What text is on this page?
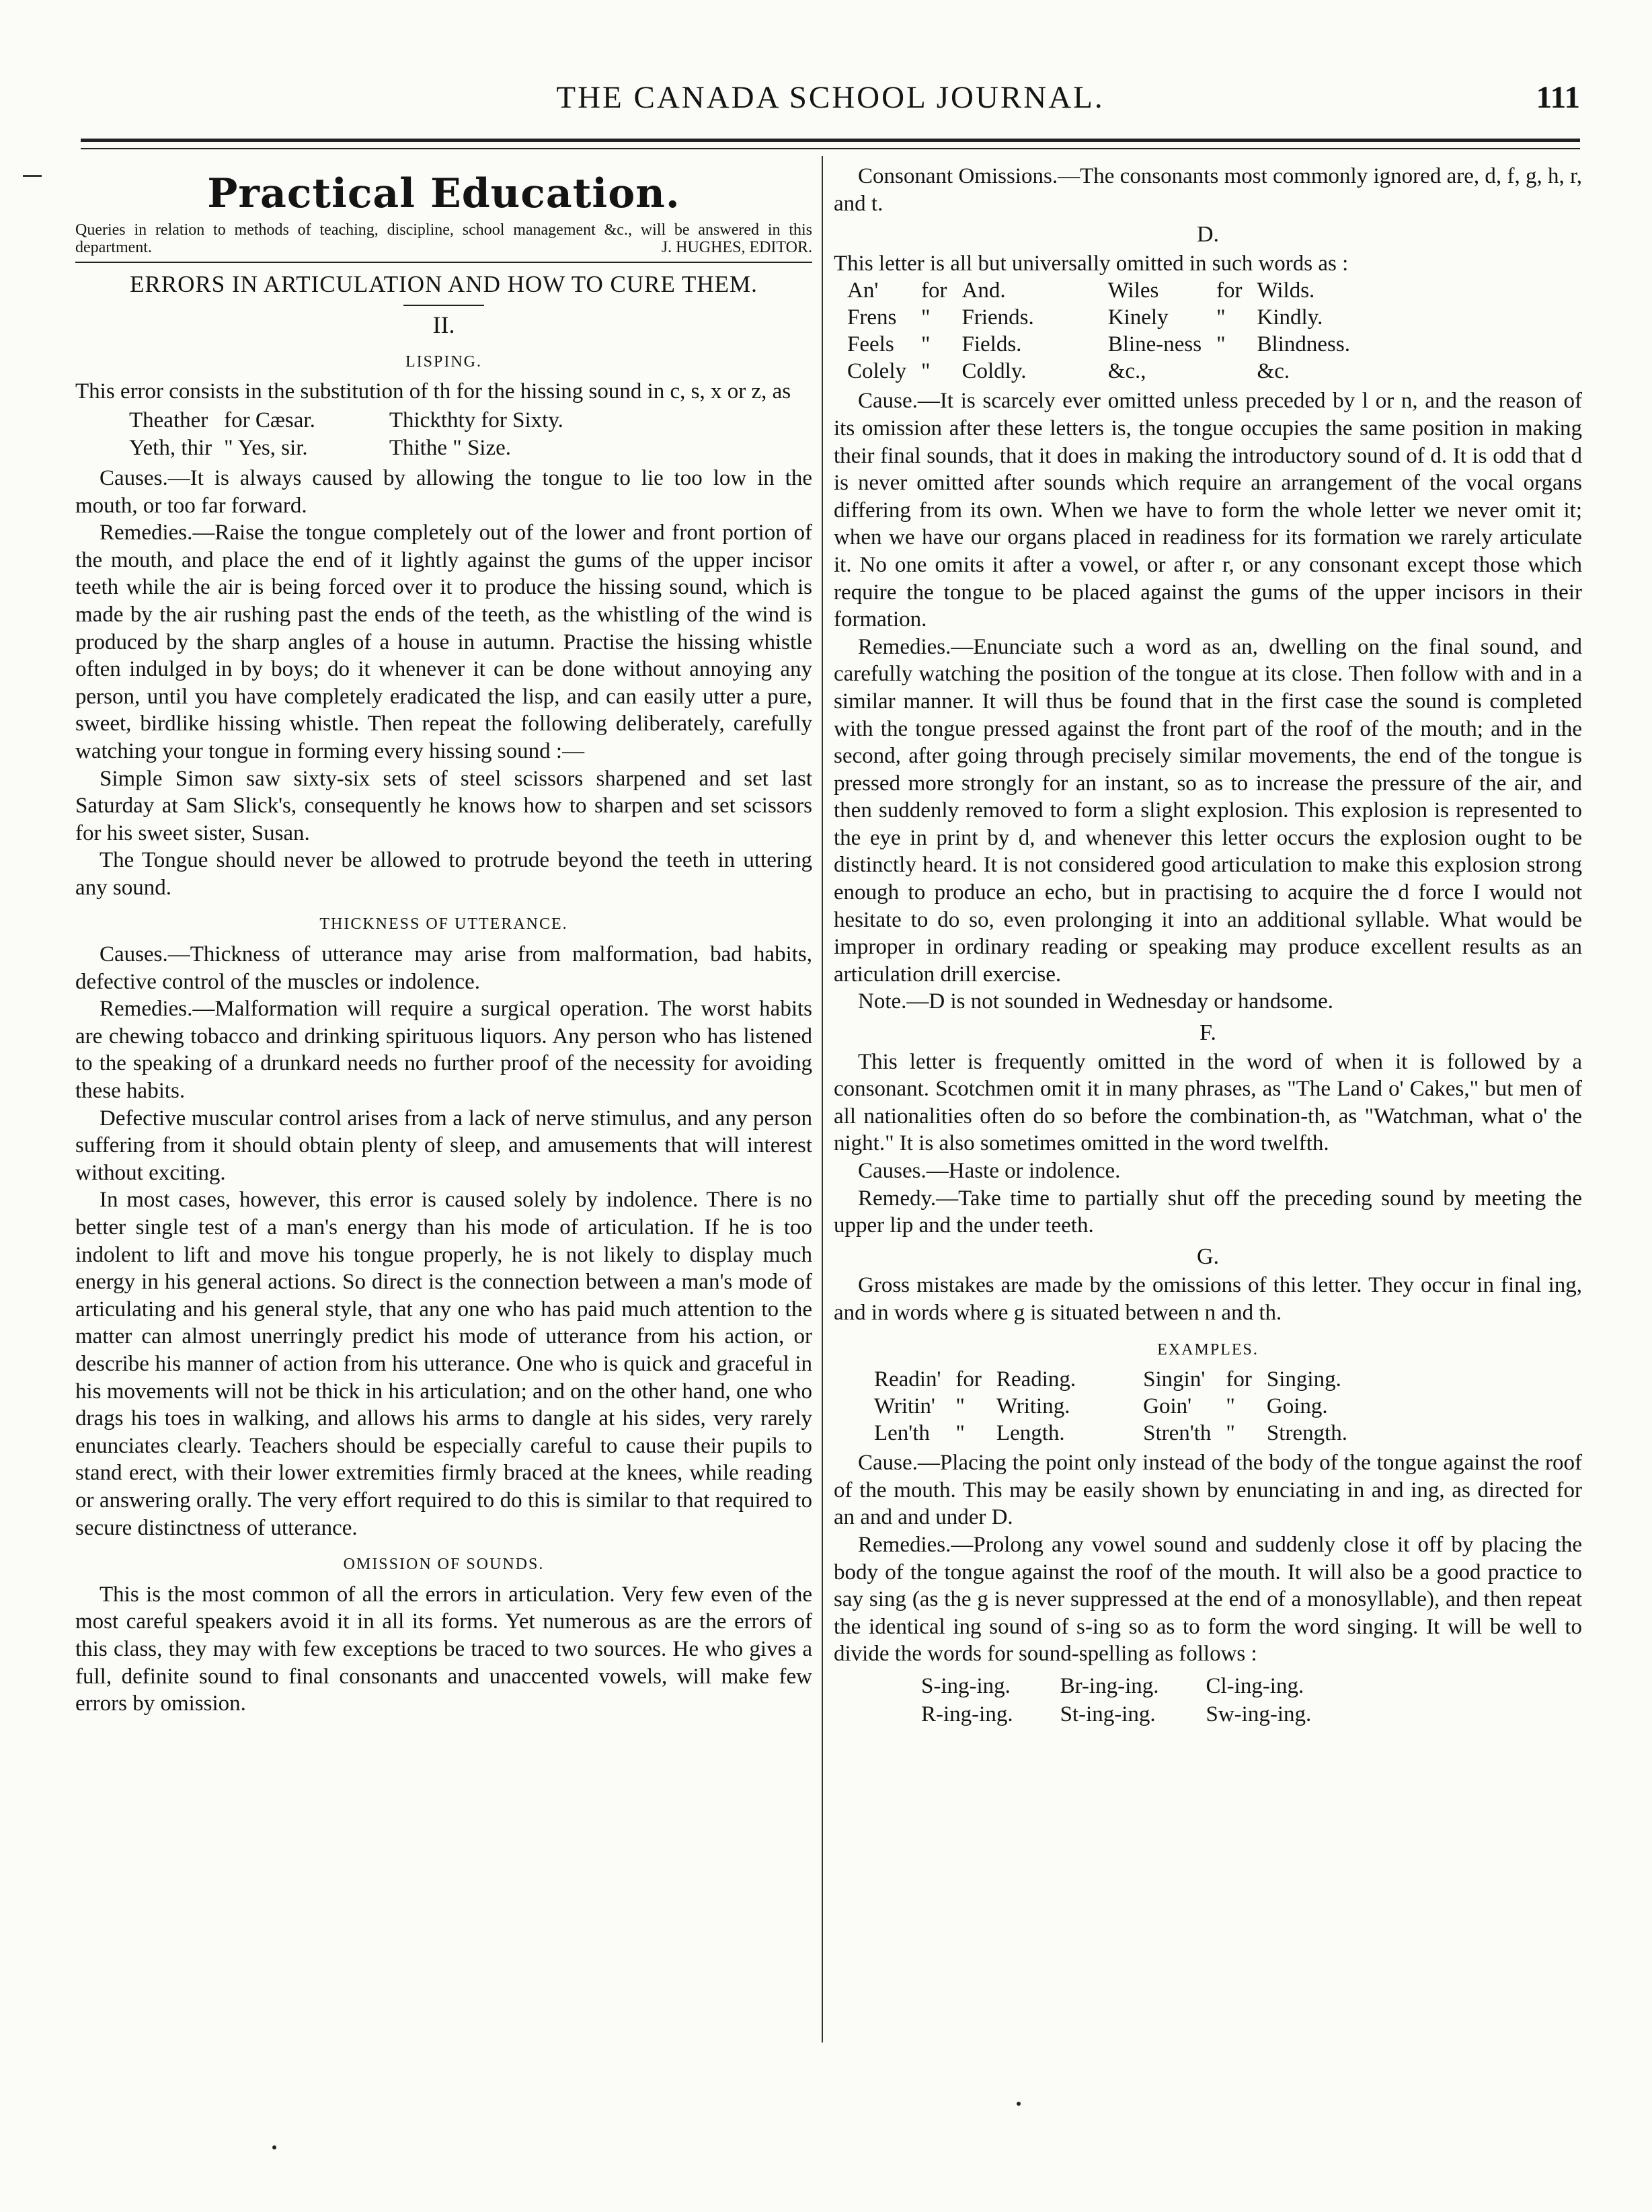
THE CANADA SCHOOL JOURNAL.	111
Practical Education.
Queries in relation to methods of teaching, discipline, school management &c., will be answered in this department.	J. HUGHES, EDITOR.
ERRORS IN ARTICULATION AND HOW TO CURE THEM.
II.
LISPING.

This error consists in the substitution of th for the hissing sound in c, s, x or z, as

Theather	for Cæsar.	Thickthty for Sixty.
Yeth, thir	" Yes, sir.	Thithe " Size.

Causes.—It is always caused by allowing the tongue to lie too low in the mouth, or too far forward.

Remedies.—Raise the tongue completely out of the lower and front portion of the mouth, and place the end of it lightly against the gums of the upper incisor teeth while the air is being forced over it to produce the hissing sound, which is made by the air rushing past the ends of the teeth, as the whistling of the wind is produced by the sharp angles of a house in autumn. Practise the hissing whistle often indulged in by boys; do it whenever it can be done without annoying any person, until you have completely eradicated the lisp, and can easily utter a pure, sweet, birdlike hissing whistle. Then repeat the following deliberately, carefully watching your tongue in forming every hissing sound :—

Simple Simon saw sixty-six sets of steel scissors sharpened and set last Saturday at Sam Slick's, consequently he knows how to sharpen and set scissors for his sweet sister, Susan.

The Tongue should never be allowed to protrude beyond the teeth in uttering any sound.

THICKNESS OF UTTERANCE.

Causes.—Thickness of utterance may arise from malformation, bad habits, defective control of the muscles or indolence.

Remedies.—Malformation will require a surgical operation. The worst habits are chewing tobacco and drinking spirituous liquors. Any person who has listened to the speaking of a drunkard needs no further proof of the necessity for avoiding these habits.

Defective muscular control arises from a lack of nerve stimulus, and any person suffering from it should obtain plenty of sleep, and amusements that will interest without exciting.

In most cases, however, this error is caused solely by indolence. There is no better single test of a man's energy than his mode of articulation. If he is too indolent to lift and move his tongue properly, he is not likely to display much energy in his general actions. So direct is the connection between a man's mode of articulating and his general style, that any one who has paid much attention to the matter can almost unerringly predict his mode of utterance from his action, or describe his manner of action from his utterance. One who is quick and graceful in his movements will not be thick in his articulation; and on the other hand, one who drags his toes in walking, and allows his arms to dangle at his sides, very rarely enunciates clearly. Teachers should be especially careful to cause their pupils to stand erect, with their lower extremities firmly braced at the knees, while reading or answering orally. The very effort required to do this is similar to that required to secure distinctness of utterance.

OMISSION OF SOUNDS.

This is the most common of all the errors in articulation. Very few even of the most careful speakers avoid it in all its forms. Yet numerous as are the errors of this class, they may with few exceptions be traced to two sources. He who gives a full, definite sound to final consonants and unaccented vowels, will make few errors by omission.

Consonant Omissions.—The consonants most commonly ignored are, d, f, g, h, r, and t.

D.

This letter is all but universally omitted in such words as :

An'	for	And.	Wiles	for	Wilds.
Frens	"	Friends.	Kinely	"	Kindly.
Feels	"	Fields.	Bline-ness	"	Blindness.
Colely	"	Coldly.	&c.,		&c.

Cause.—It is scarcely ever omitted unless preceded by l or n, and the reason of its omission after these letters is, the tongue occupies the same position in making their final sounds, that it does in making the introductory sound of d. It is odd that d is never omitted after sounds which require an arrangement of the vocal organs differing from its own. When we have to form the whole letter we never omit it; when we have our organs placed in readiness for its formation we rarely articulate it. No one omits it after a vowel, or after r, or any consonant except those which require the tongue to be placed against the gums of the upper incisors in their formation.

Remedies.—Enunciate such a word as an, dwelling on the final sound, and carefully watching the position of the tongue at its close. Then follow with and in a similar manner. It will thus be found that in the first case the sound is completed with the tongue pressed against the front part of the roof of the mouth; and in the second, after going through precisely similar movements, the end of the tongue is pressed more strongly for an instant, so as to increase the pressure of the air, and then suddenly removed to form a slight explosion. This explosion is represented to the eye in print by d, and whenever this letter occurs the explosion ought to be distinctly heard. It is not considered good articulation to make this explosion strong enough to produce an echo, but in practising to acquire the d force I would not hesitate to do so, even prolonging it into an additional syllable. What would be improper in ordinary reading or speaking may produce excellent results as an articulation drill exercise.

Note.—D is not sounded in Wednesday or handsome.

F.

This letter is frequently omitted in the word of when it is followed by a consonant. Scotchmen omit it in many phrases, as "The Land o' Cakes," but men of all nationalities often do so before the combination-th, as "Watchman, what o' the night." It is also sometimes omitted in the word twelfth.

Causes.—Haste or indolence.

Remedy.—Take time to partially shut off the preceding sound by meeting the upper lip and the under teeth.

G.

Gross mistakes are made by the omissions of this letter. They occur in final ing, and in words where g is situated between n and th.

EXAMPLES.
Readin'	for	Reading.	Singin'	for	Singing.
Writin'	"	Writing.	Goin'	"	Going.
Len'th	"	Length.	Stren'th	"	Strength.

Cause.—Placing the point only instead of the body of the tongue against the roof of the mouth. This may be easily shown by enunciating in and ing, as directed for an and and under D.

Remedies.—Prolong any vowel sound and suddenly close it off by placing the body of the tongue against the roof of the mouth. It will also be a good practice to say sing (as the g is never suppressed at the end of a monosyllable), and then repeat the identical ing sound of s-ing so as to form the word singing. It will be well to divide the words for sound-spelling as follows :

S-ing-ing.	Br-ing-ing.	Cl-ing-ing.
R-ing-ing.	St-ing-ing.	Sw-ing-ing.
